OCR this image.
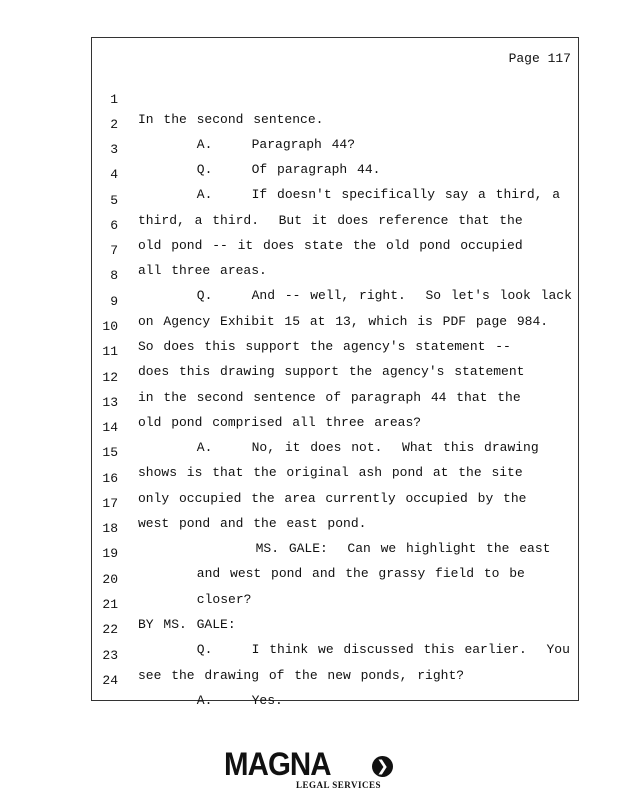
Page 117

1

In the second sentence.

2

A.    Paragraph 44?

3

Q.    Of paragraph 44.

4

A.    If doesn't specifically say a third, a

5

third, a third.  But it does reference that the

6

old pond -- it does state the old pond occupied

7

all three areas.

8

Q.    And -- well, right.  So let's look lack

9

on Agency Exhibit 15 at 13, which is PDF page 984.

10

So does this support the agency's statement --

11

does this drawing support the agency's statement

12

in the second sentence of paragraph 44 that the

13

old pond comprised all three areas?

14

A.    No, it does not.  What this drawing

15

shows is that the original ash pond at the site

16

only occupied the area currently occupied by the

17

west pond and the east pond.

18

MS. GALE:  Can we highlight the east

19

and west pond and the grassy field to be

20

closer?

21

BY MS. GALE:

22

Q.    I think we discussed this earlier.  You

23

see the drawing of the new ponds, right?

24

A.    Yes.

MAGNA	❯
LEGAL SERVICES
